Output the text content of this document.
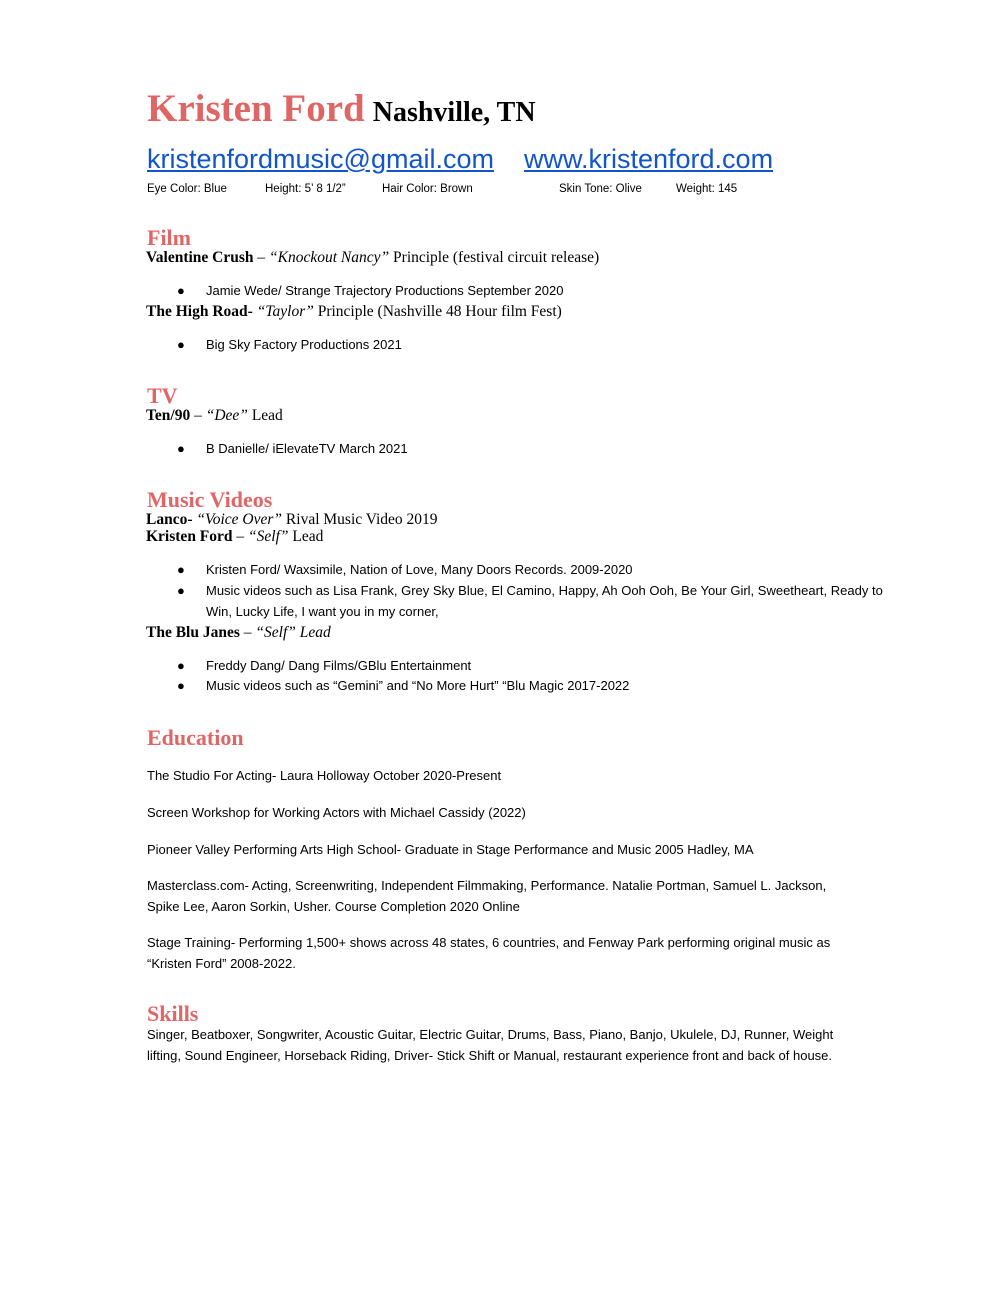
Kristen Ford Nashville, TN
kristenfordmusic@gmail.com www.kristenford.com
Eye Color: Blue	Height: 5’ 8 1/2”	Hair Color: Brown	Skin Tone: Olive	Weight: 145
Film
Valentine Crush – “Knockout Nancy” Principle (festival circuit release)
● Jamie Wede/ Strange Trajectory Productions September 2020
The High Road- “Taylor” Principle (Nashville 48 Hour film Fest)
● Big Sky Factory Productions 2021
TV
Ten/90 – “Dee” Lead
● B Danielle/ iElevateTV March 2021
Music Videos
Lanco- “Voice Over” Rival Music Video 2019
Kristen Ford – “Self” Lead
● Kristen Ford/ Waxsimile, Nation of Love, Many Doors Records. 2009-2020
● Music videos such as Lisa Frank, Grey Sky Blue, El Camino, Happy, Ah Ooh Ooh, Be Your Girl, Sweetheart, Ready to
Win, Lucky Life, I want you in my corner,
The Blu Janes – “Self” Lead
● Freddy Dang/ Dang Films/GBlu Entertainment
● Music videos such as “Gemini” and “No More Hurt” “Blu Magic 2017-2022
Education
The Studio For Acting- Laura Holloway October 2020-Present
Screen Workshop for Working Actors with Michael Cassidy (2022)
Pioneer Valley Performing Arts High School- Graduate in Stage Performance and Music 2005 Hadley, MA
Masterclass.com- Acting, Screenwriting, Independent Filmmaking, Performance. Natalie Portman, Samuel L. Jackson, Spike Lee, Aaron Sorkin, Usher. Course Completion 2020 Online
Stage Training- Performing 1,500+ shows across 48 states, 6 countries, and Fenway Park performing original music as “Kristen Ford” 2008-2022.
Skills
Singer, Beatboxer, Songwriter, Acoustic Guitar, Electric Guitar, Drums, Bass, Piano, Banjo, Ukulele, DJ, Runner, Weight lifting, Sound Engineer, Horseback Riding, Driver- Stick Shift or Manual, restaurant experience front and back of house.
